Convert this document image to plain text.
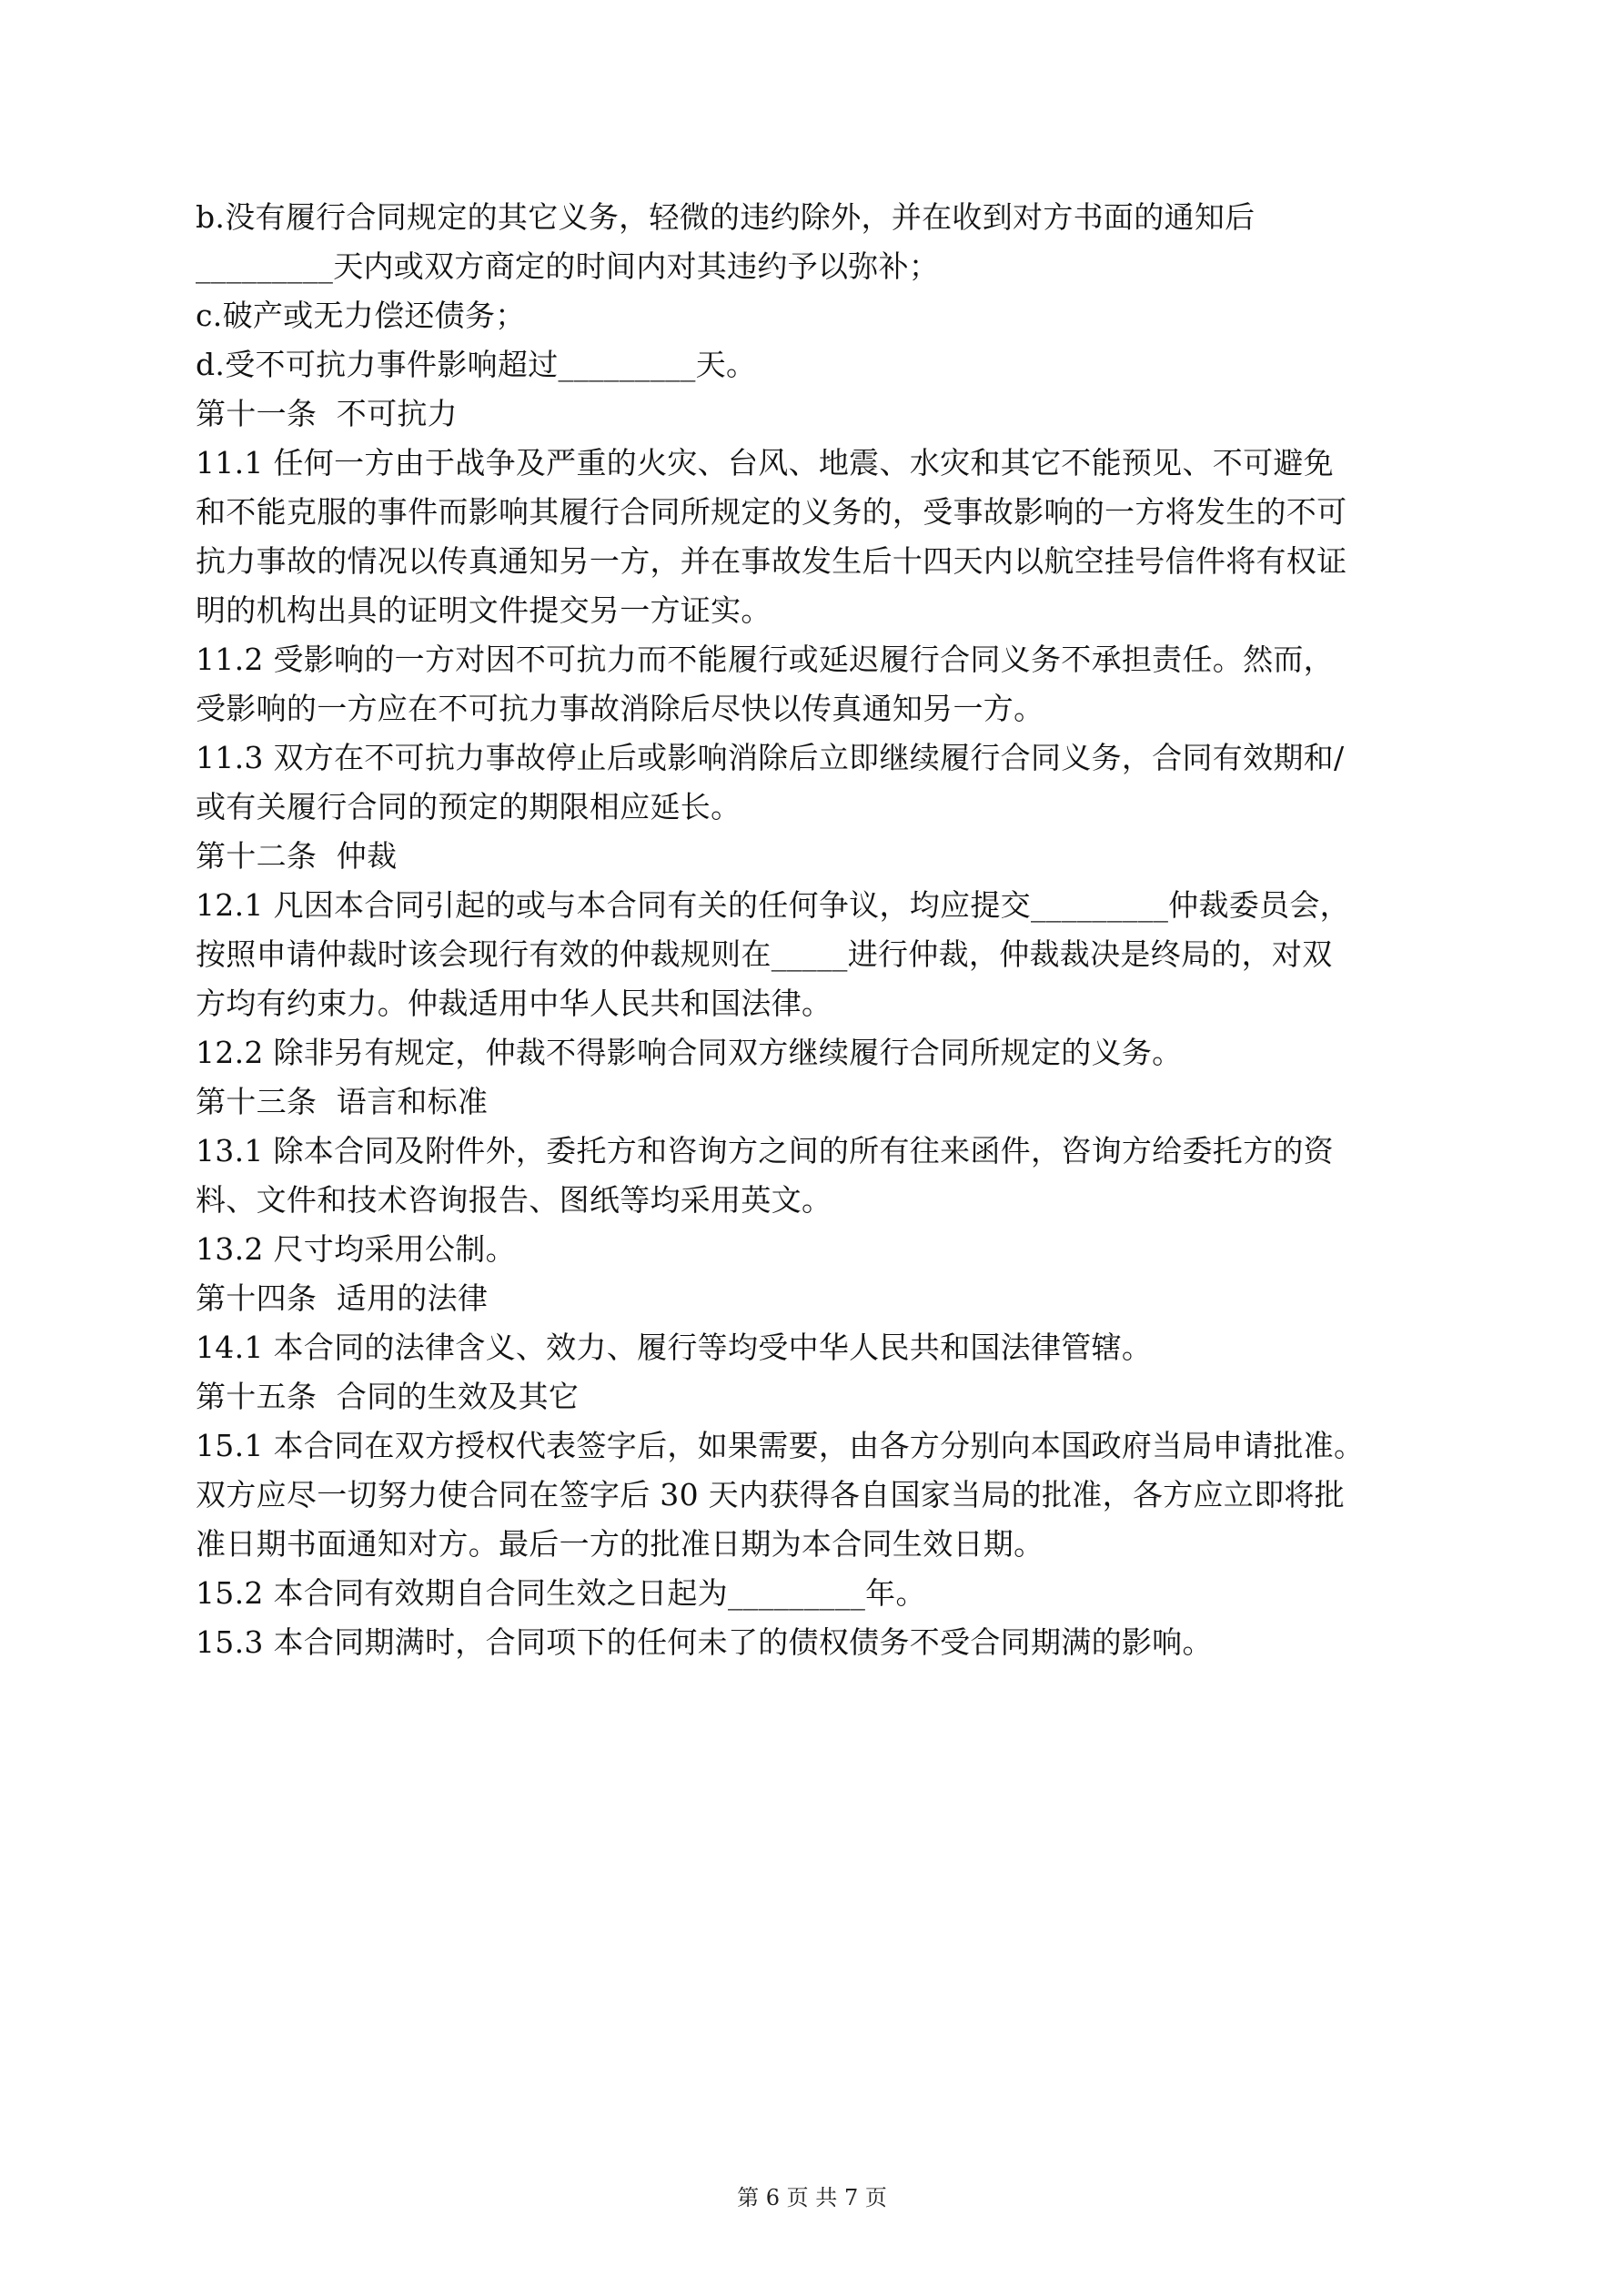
b.没有履行合同规定的其它义务，轻微的违约除外，并在收到对方书面的通知后
_________天内或双方商定的时间内对其违约予以弥补；
c.破产或无力偿还债务；
d.受不可抗力事件影响超过_________天。
第十一条  不可抗力
11.1 任何一方由于战争及严重的火灾、台风、地震、水灾和其它不能预见、不可避免
和不能克服的事件而影响其履行合同所规定的义务的，受事故影响的一方将发生的不可
抗力事故的情况以传真通知另一方，并在事故发生后十四天内以航空挂号信件将有权证
明的机构出具的证明文件提交另一方证实。
11.2 受影响的一方对因不可抗力而不能履行或延迟履行合同义务不承担责任。然而，
受影响的一方应在不可抗力事故消除后尽快以传真通知另一方。
11.3 双方在不可抗力事故停止后或影响消除后立即继续履行合同义务，合同有效期和/
或有关履行合同的预定的期限相应延长。
第十二条  仲裁
12.1 凡因本合同引起的或与本合同有关的任何争议，均应提交_________仲裁委员会，
按照申请仲裁时该会现行有效的仲裁规则在_____进行仲裁，仲裁裁决是终局的，对双
方均有约束力。仲裁适用中华人民共和国法律。
12.2 除非另有规定，仲裁不得影响合同双方继续履行合同所规定的义务。
第十三条  语言和标准
13.1 除本合同及附件外，委托方和咨询方之间的所有往来函件，咨询方给委托方的资
料、文件和技术咨询报告、图纸等均采用英文。
13.2 尺寸均采用公制。
第十四条  适用的法律
14.1 本合同的法律含义、效力、履行等均受中华人民共和国法律管辖。
第十五条  合同的生效及其它
15.1 本合同在双方授权代表签字后，如果需要，由各方分别向本国政府当局申请批准。
双方应尽一切努力使合同在签字后 30 天内获得各自国家当局的批准，各方应立即将批
准日期书面通知对方。最后一方的批准日期为本合同生效日期。
15.2 本合同有效期自合同生效之日起为_________年。
15.3 本合同期满时，合同项下的任何未了的债权债务不受合同期满的影响。
第 6 页 共 7 页
